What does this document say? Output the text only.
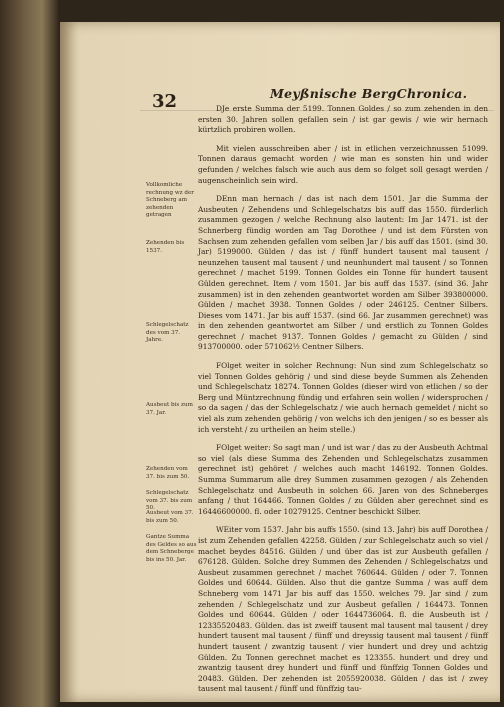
32	Meyßnische BergChronica.
Vollkomliche rechnung wz der Schneberg am zehenden getragen
Zehenden bis 1537.
Schlegelschatz des vom 37. Jahre.
Ausbeut bis zum 37. Jar.
Zehenden vom 37. bis zum 50.
Schlegelschatz vom 37. bis zum 50.
Ausbeut vom 37. bis zum 50.
Gantze Summa des Geldes so aus dem Schneberge bis ins 50. Jar.

DJe erste Summa der 5199. Tonnen Goldes / so zum zehenden in den ersten 30. Jahren sollen gefallen sein / ist gar gewis / wie wir hernach kürtzlich probiren wollen.

Mit vielen ausschreiben aber / ist in etlichen verzeichnussen 51099. Tonnen daraus gemacht worden / wie man es sonsten hin und wider gefunden / welches falsch wie auch aus dem so folget soll gesagt werden / augenscheinlich sein wird.

DEnn man hernach / das ist nach dem 1501. Jar die Summa der Ausbeuten / Zehendens und Schlegelschatzs bis auff das 1550. fürderlich zusammen gezogen / welche Rechnung also lautent: Im Jar 1471. ist der Schnerberg fündig worden am Tag Dorothee / und ist dem Fürsten von Sachsen zum zehenden gefallen vom selben Jar / bis auff das 1501. (sind 30. Jar) 5199000. Gülden / das ist / fünff hundert tausent mal tausent / neunzehen tausent mal tausent / und neunhundert mal tausent / so Tonnen gerechnet / machet 5199. Tonnen Goldes ein Tonne für hundert tausent Gülden gerechnet. Item / vom 1501. Jar bis auff das 1537. (sind 36. Jahr zusammen) ist in den zehenden geantwortet worden am Silber 393800000. Gülden / machet 3938. Tonnen Goldes / oder 246125. Centner Silbers. Dieses vom 1471. Jar bis auff 1537. (sind 66. Jar zusammen gerechnet) was in den zehenden geantwortet am Silber / und erstlich zu Tonnen Goldes gerechnet / machet 9137. Tonnen Goldes / gemacht zu Gülden / sind 913700000. oder 571062½ Centner Silbers.

FOlget weiter in solcher Rechnung: Nun sind zum Schlegelschatz so viel Tonnen Goldes gehörig / und sind diese beyde Summen als Zehenden und Schlegelschatz 18274. Tonnen Goldes (dieser wird von etlichen / so der Berg und Müntzrechnung fündig und erfahren sein wollen / widersprochen / so da sagen / das der Schlegelschatz / wie auch hernach gemeldet / nicht so viel als zum zehenden gehörig / von welchs ich den jenigen / so es besser als ich versteht / zu urtheilen an heim stelle.)

FOlget weiter: So sagt man / und ist war / das zu der Ausbeuth Achtmal so viel (als diese Summa des Zehenden und Schlegelschatzs zusammen gerechnet ist) gehöret / welches auch macht 146192. Tonnen Goldes. Summa Summarum alle drey Summen zusammen gezogen / als Zehenden Schlegelschatz und Ausbeuth in solchen 66. Jaren von des Schneberges anfang / thut 164466. Tonnen Goldes / zu Gülden aber gerechnet sind es 16446600000. fl. oder 10279125. Centner beschickt Silber.

WEiter vom 1537. Jahr bis auffs 1550. (sind 13. Jahr) bis auff Dorothea / ist zum Zehenden gefallen 42258. Gülden / zur Schlegelschatz auch so viel / machet beydes 84516. Gülden / und über das ist zur Ausbeuth gefallen / 676128. Gülden. Solche drey Summen des Zehenden / Schlegelschatzs und Ausbeut zusammen gerechnet / machet 760644. Gülden / oder 7. Tonnen Goldes und 60644. Gülden. Also thut die gantze Summa / was auff dem Schneberg vom 1471 Jar bis auff das 1550. welches 79. Jar sind / zum zehenden / Schlegelschatz und zur Ausbeut gefallen / 164473. Tonnen Goldes und 60644. Gülden / oder 1644736064. fl. die Ausbeuth ist / 12335520483. Gülden. das ist zweiff tausent mal tausent mal tausent / drey hundert tausent mal tausent / fünff und dreyssig tausent mal tausent / fünff hundert tausent / zwantzig tausent / vier hundert und drey und achtzig Gülden. Zu Tonnen gerechnet machet es 123355. hundert und drey und zwantzig tausent drey hundert und fünff und fünffzig Tonnen Goldes und 20483. Gülden. Der zehenden ist 2055920038. Gülden / das ist / zwey tausent mal tausent / fünff und fünffzig tau-
